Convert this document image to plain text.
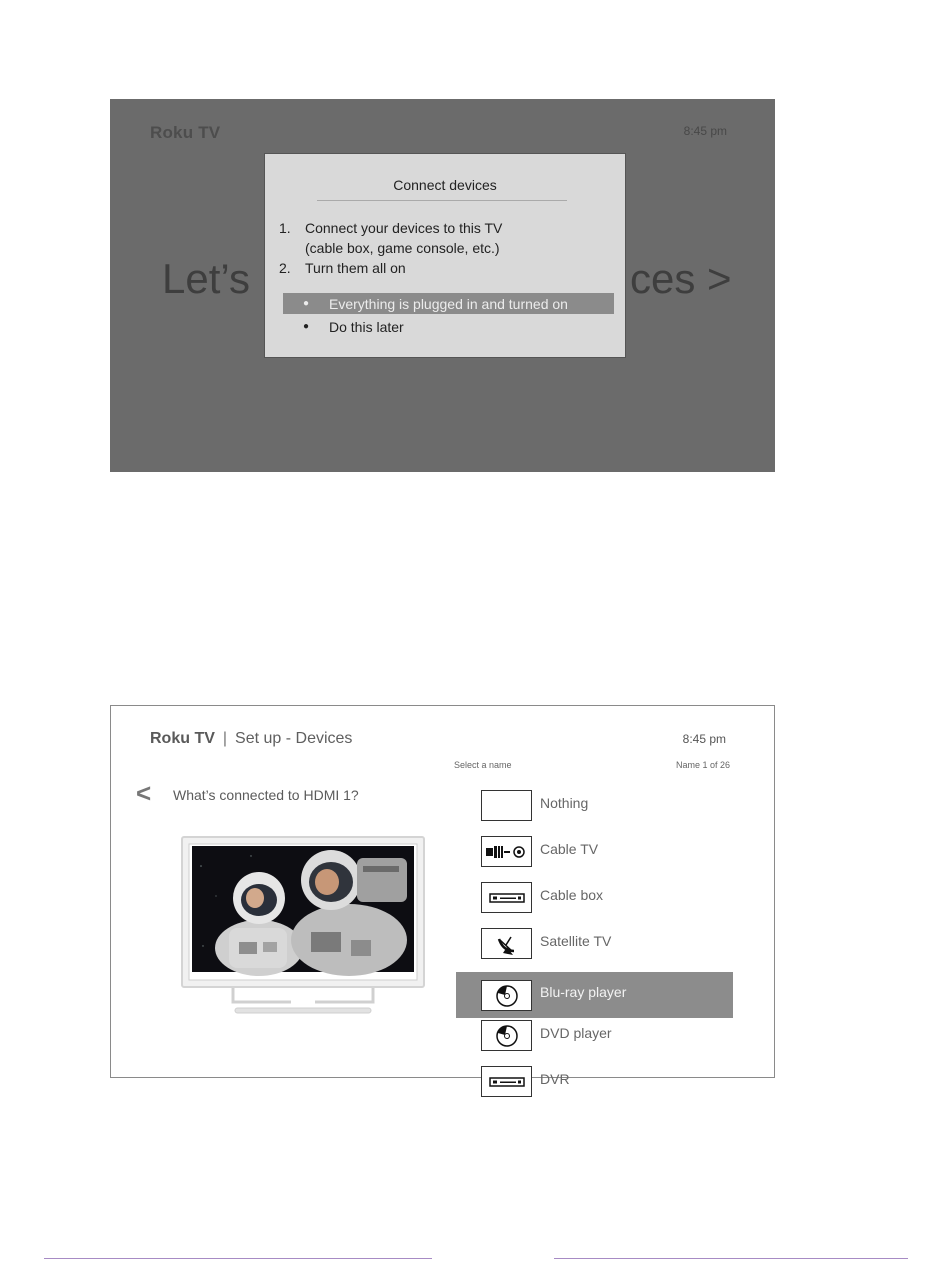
Roku TV	8:45 pm
Let’s	ces >
Connect devices
1.	Connect your devices to this TV
(cable box, game console, etc.)
2.	Turn them all on
●	Everything is plugged in and turned on
●	Do this later
Roku TV | Set up - Devices	8:45 pm
Select a name	Name 1 of 26
< What’s connected to HDMI 1?	Nothing
Cable TV
Cable box
Satellite TV
Blu-ray player
DVD player
DVR
